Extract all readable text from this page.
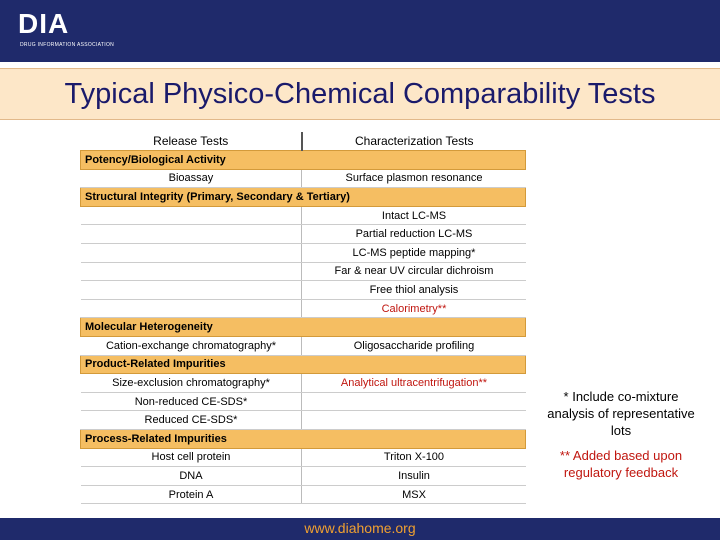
DIA
DRUG INFORMATION ASSOCIATION
Typical Physico-Chemical Comparability Tests
Release Tests	Characterization Tests
Potency/Biological Activity	
Bioassay	Surface plasmon resonance
Structural Integrity (Primary, Secondary & Tertiary)	
	Intact LC-MS
	Partial reduction LC-MS
	LC-MS peptide mapping*
	Far & near UV circular dichroism
	Free thiol analysis
	Calorimetry**
Molecular Heterogeneity	
Cation-exchange chromatography*	Oligosaccharide profiling
Product-Related Impurities	
Size-exclusion chromatography*	Analytical ultracentrifugation**
Non-reduced CE-SDS*	
Reduced CE-SDS*	
Process-Related Impurities	
Host cell protein	Triton X-100
DNA	Insulin
Protein A	MSX
* Include co-mixture analysis of representative lots
** Added based upon regulatory feedback
www.diahome.org
